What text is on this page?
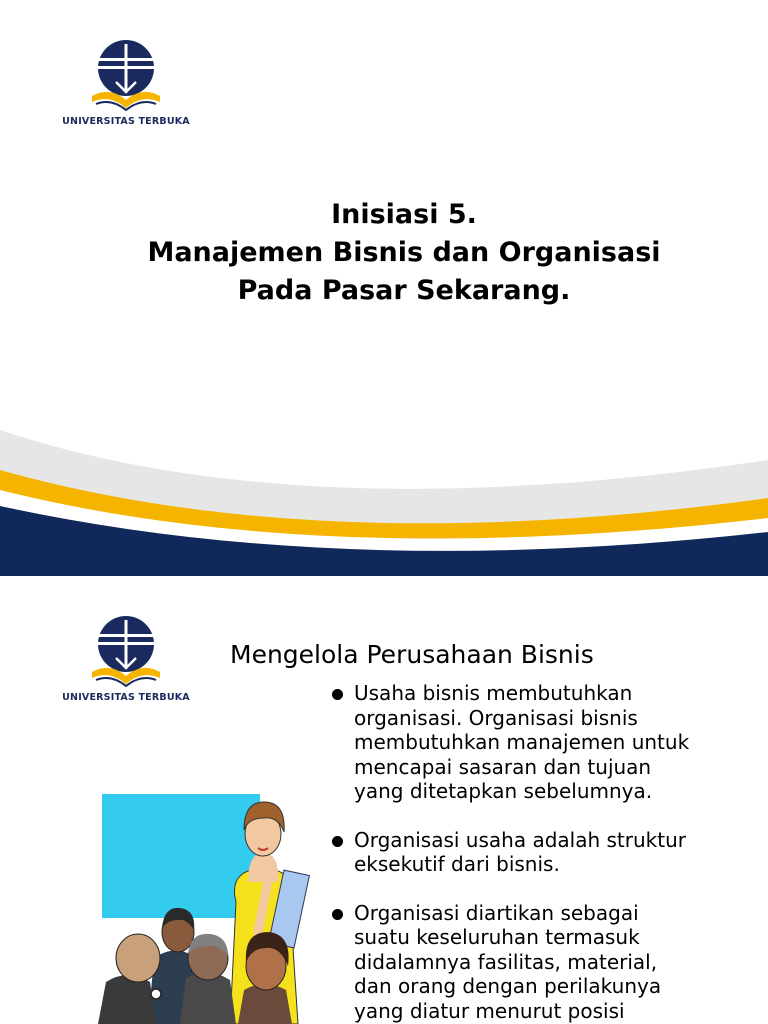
UNIVERSITAS TERBUKA
Inisiasi 5.
Manajemen Bisnis dan Organisasi
Pada Pasar Sekarang.
UNIVERSITAS TERBUKA
Mengelola Perusahaan Bisnis
Usaha bisnis membutuhkan
organisasi. Organisasi bisnis
membutuhkan manajemen untuk
mencapai sasaran dan tujuan
yang ditetapkan sebelumnya.
Organisasi usaha adalah struktur
eksekutif dari bisnis.
Organisasi diartikan sebagai
suatu keseluruhan termasuk
didalamnya fasilitas, material,
dan orang dengan perilakunya
yang diatur menurut posisi
